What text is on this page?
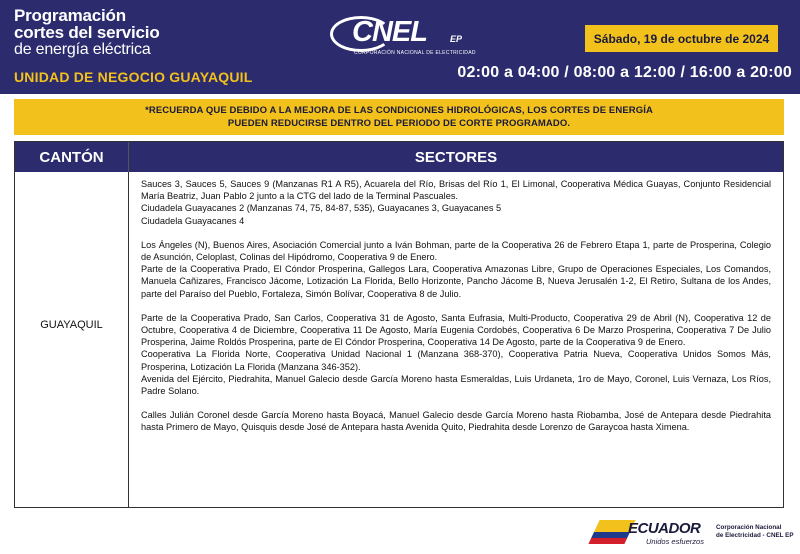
Programación
cortes del servicio
de energía eléctrica
UNIDAD DE NEGOCIO GUAYAQUIL
CNEL	EP
CORPORACIÓN NACIONAL DE ELECTRICIDAD
Sábado, 19 de octubre de 2024
02:00 a 04:00 / 08:00 a 12:00 / 16:00 a 20:00
*RECUERDA QUE DEBIDO A LA MEJORA DE LAS CONDICIONES HIDROLÓGICAS, LOS CORTES DE ENERGÍA
PUEDEN REDUCIRSE DENTRO DEL PERIODO DE CORTE PROGRAMADO.
CANTÓN	SECTORES
GUAYAQUIL

Sauces 3, Sauces 5, Sauces 9 (Manzanas R1 A R5), Acuarela del Río, Brisas del Río 1, El Limonal, Cooperativa Médica Guayas, Conjunto Residencial María Beatriz, Juan Pablo 2 junto a la CTG del lado de la Terminal Pascuales.

Ciudadela Guayacanes 2 (Manzanas 74, 75, 84-87, 535), Guayacanes 3, Guayacanes 5

Ciudadela Guayacanes 4

Los Ángeles (N), Buenos Aires, Asociación Comercial junto a Iván Bohman, parte de la Cooperativa 26 de Febrero Etapa 1, parte de Prosperina, Colegio de Asunción, Celoplast, Colinas del Hipódromo, Cooperativa 9 de Enero.

Parte de la Cooperativa Prado, El Cóndor Prosperina, Gallegos Lara, Cooperativa Amazonas Libre, Grupo de Operaciones Especiales, Los Comandos, Manuela Cañizares, Francisco Jácome, Lotización La Florida, Bello Horizonte, Pancho Jácome B, Nueva Jerusalén 1-2, El Retiro, Sultana de los Andes, parte del Paraíso del Pueblo, Fortaleza, Simón Bolívar, Cooperativa 8 de Julio.

Parte de la Cooperativa Prado, San Carlos, Cooperativa 31 de Agosto, Santa Eufrasia, Multi-Producto, Cooperativa 29 de Abril (N), Cooperativa 12 de Octubre, Cooperativa 4 de Diciembre, Cooperativa 11 De Agosto, María Eugenia Cordobés, Cooperativa 6 De Marzo Prosperina, Cooperativa 7 De Julio Prosperina, Jaime Roldós Prosperina, parte de El Cóndor Prosperina, Cooperativa 14 De Agosto, parte de la Cooperativa 9 de Enero.

Cooperativa La Florida Norte, Cooperativa Unidad Nacional 1 (Manzana 368-370), Cooperativa Patria Nueva, Cooperativa Unidos Somos Más, Prosperina, Lotización La Florida (Manzana 346-352).

Avenida del Ejército, Piedrahita, Manuel Galecio desde García Moreno hasta Esmeraldas, Luis Urdaneta, 1ro de Mayo, Coronel, Luis Vernaza, Los Ríos, Padre Solano.

Calles Julián Coronel desde García Moreno hasta Boyacá, Manuel Galecio desde García Moreno hasta Riobamba, José de Antepara desde Piedrahita hasta Primero de Mayo, Quisquis desde José de Antepara hasta Avenida Quito, Piedrahita desde Lorenzo de Garaycoa hasta Ximena.

ECUADOR
Unidos esfuerzos
Corporación Nacional
de Electricidad - CNEL EP
